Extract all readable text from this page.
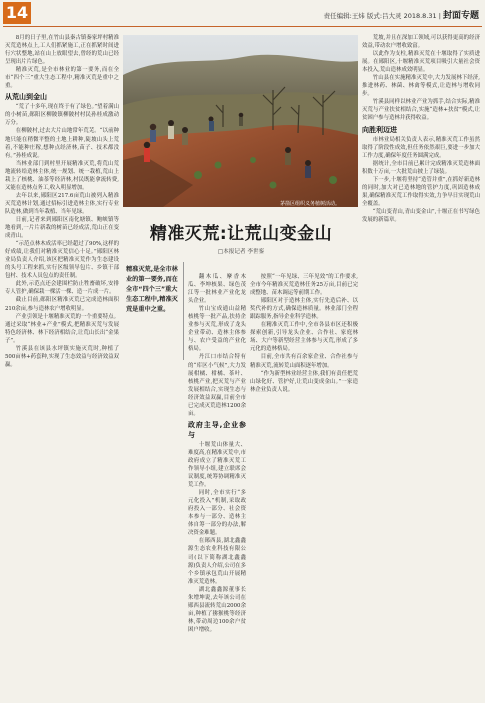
14	责任编辑:王炜 版式:吕大灵 2018.8.31 | 封面专题

8月的日子里,在竹山县秦古镇秦家坪村精准灭荒造林点上,工人们抓紧施工,正在抓紧时间进行穴状整地,站在山上放眼望去,曾经的荒山已经呈现出片片绿色。

精准灭荒,是全市林业的第一要务,而在全市“四个三”重大生态工程中,精准灭荒是重中之重。

从荒山到金山

“荒了十多年,现在终于有了绿色。”望着满山的小树苗,郧阳区柳陂镇柳陂村村民孙桂成激动万分。

在柳陂村,过去大片山地常年荒芜。“以前种地只能在稍微平整的土地上耕种,陡坡山头上荒着,不能种庄稼,想种点经济林,苗子、技术都没有。”孙桂成说。

当林业部门到村里开展精准灭荒,将荒山荒地流转给造林主体,统一规划、统一栽植,荒山上栽上了核桃、油茶等经济林,村民既能拿流转费,又能在造林点务工,收入明显增加。

去年以来,郧阳区217.6亩荒山被列入精准灭荒造林计划,通过招标引进造林主体,实行专业队造林,做到当年栽植、当年见绿。

日前,记者来到郧阳区南化塘镇、鲍峡镇等地看到,一片片新栽的树苗已经成活,荒山正在变成青山。

“示范点林木成活率已经超过了90%,这样的好成绩,让我们对精准灭荒信心十足。”郧阳区林业局负责人介绍,该区把精准灭荒作为生态建设的头号工程来抓,实行区级领导包片、乡镇干部包村、技术人员包点的责任制。

此外,示范点还会建围栏防止牲畜破坏,安排专人管护,确保栽一棵活一棵、造一片成一片。

截止目前,郧阳区精准灭荒已完成造林面积210余亩,参与造林农户增收明显。

产业引领是十堰精准灭荒的一个重要特点。通过采取“林业+产业”模式,把精准灭荒与发展特色经济林、林下经济相结合,让荒山长出“金果子”。

竹溪县在该县水坪镇实施灭荒时,种植了500亩林+药套种,实现了生态效益与经济效益双赢。

茅箭区组织义务植树活动。
精准灭荒:让荒山变金山
□本报记者 李世銮
精准灭荒,是全市林业的第一要务,而在全市“四个三”重大生态工程中,精准灭荒是重中之重。

翻木瓜、摩香木瓜、李坤核果、绿色茂江等一批林业产业化龙头企业。

竹山宝成通山益精核桃等一批产品,扶持企业参与灭荒,形成了龙头企业带动、造林主体参与、农户受益的产业化格局。

丹江口市结合特有的“库区小气候”,大力发展柑橘、柑橘、茶叶、核桃产业,把灭荒与产业发展相结合,实现生态与经济效益双赢,目前全市已完成灭荒造林1200余亩。

政府主导,企业参与

十堰荒山体量大、难度高,在精准灭荒中,市政府成立了精准灭荒工作领导小组,建立联席会议制度,统筹协调精准灭荒工作。

同时,全市实行“多元化投入”机制,采取政府投入一部分、社会资本参与一部分、造林主体自筹一部分的办法,解决资金难题。

在郧西县,湖北鑫鑫源生态农业科技有限公司(以下简称湖北鑫鑫源)负责人介绍,公司在多个乡镇承包荒山开展精准灭荒造林。

湖北鑫鑫源董事长朱增坤说,去年该公司在郧西县流转荒山2000余亩,种植了猕猴桃等经济林,带动周边100余户贫困户增收。

按照“一年见绿、三年见效”的工作要求,全市今年精准灭荒造林任务25万亩,目前已完成整地、苗木调运等前期工作。

郧阳区对于造林主体,实行先造后补、以奖代补的方式,确保造林质量。林业部门全程跟踪服务,指导企业科学造林。

在精准灭荒工作中,全市各县市区还积极探索创新,引导龙头企业、合作社、家庭林场、大户等新型经营主体参与灭荒,形成了多元化的造林格局。

目前,全市共有百余家企业、合作社参与精准灭荒,流转荒山面积逐年增加。

“作为新型林业经营主体,我们有责任把荒山绿化好、管护好,让荒山变成金山。”一家造林企业负责人说。

荒坡,并且在深加工领域,可以获得更高的经济效益,带动农户增收致富。

以此作为支柱,精准灭荒在十堰取得了实质进展。在郧阳区,十堰精准灭荒项目吸引大量社会资本投入,荒山造林成效明显。

竹山县在实施精准灭荒中,大力发展林下经济,推进林药、林菌、林禽等模式,让造林与增收同步。

竹溪县同样以林业产业为抓手,结合实际,精准灭荒与产业扶贫相结合,实施“造林+扶贫”模式,让贫困户参与造林并获得收益。

向胜利迈进

市林业局相关负责人表示,精准灭荒工作虽然取得了阶段性成效,但任务依然艰巨,要进一步加大工作力度,确保年度任务圆满完成。

据统计,全市目前已累计完成精准灭荒造林面积数十万亩,一大批荒山披上了绿装。

下一步,十堰将坚持“造管并重”,在抓好新造林的同时,加大对已造林地的管护力度,巩固造林成果,确保精准灭荒工作取得实效,力争早日实现荒山全覆盖。

“荒山变青山,青山变金山”,十堰正在书写绿色发展的新篇章。
